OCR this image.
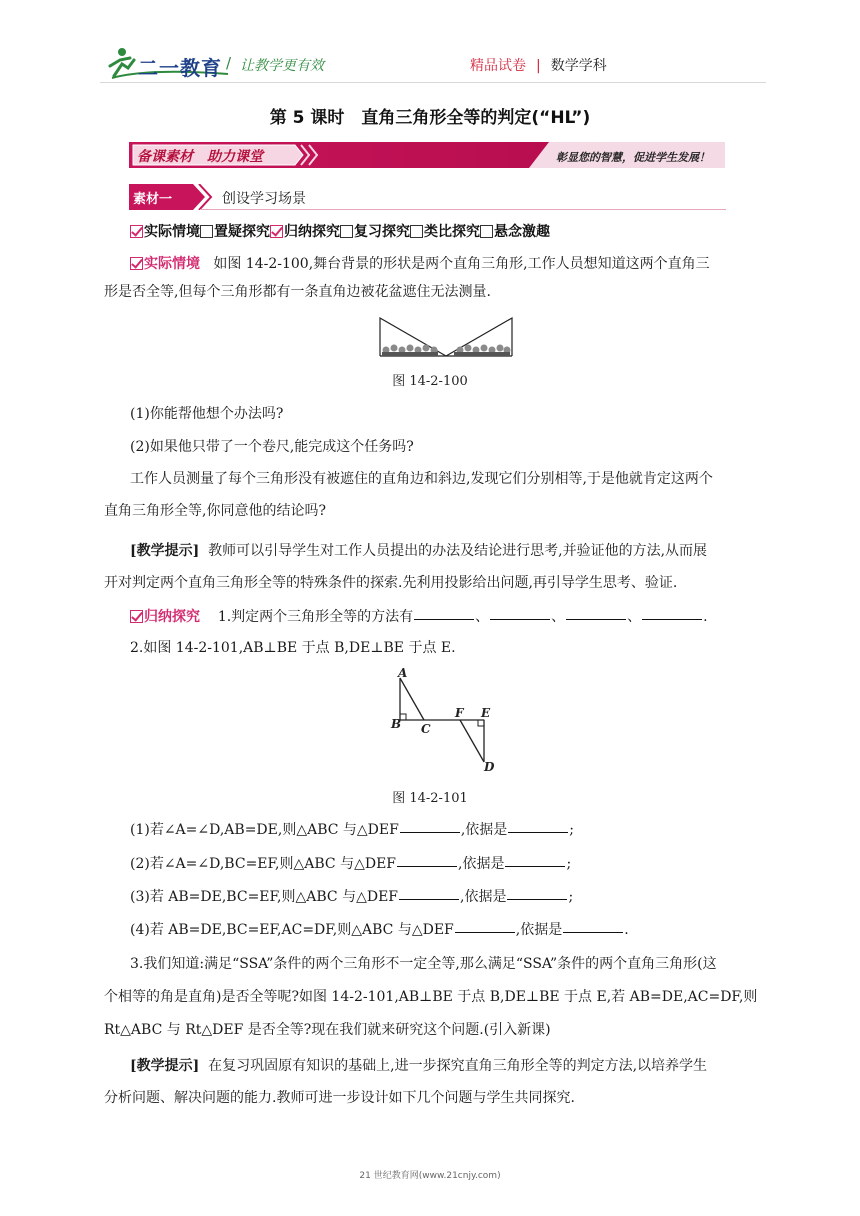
二一教育 / 让教学更有效	精品试卷 | 数学学科
第 5 课时　直角三角形全等的判定(“HL”)
备课素材　助力课堂	彰显您的智慧，促进学生发展！
素材一	创设学习场景
实际情境 置疑探究 归纳探究 复习探究 类比探究 悬念激趣
实际情境 如图 14-2-100,舞台背景的形状是两个直角三角形,工作人员想知道这两个直角三
形是否全等,但每个三角形都有一条直角边被花盆遮住无法测量.
图 14-2-100
(1)你能帮他想个办法吗?
(2)如果他只带了一个卷尺,能完成这个任务吗?
工作人员测量了每个三角形没有被遮住的直角边和斜边,发现它们分别相等,于是他就肯定这两个
直角三角形全等,你同意他的结论吗?
[教学提示] 教师可以引导学生对工作人员提出的办法及结论进行思考,并验证他的方法,从而展
开对判定两个直角三角形全等的特殊条件的探索.先利用投影给出问题,再引导学生思考、验证.
归纳探究 1.判定两个三角形全等的方法有	、	、	、	.
2.如图 14-2-101,AB⊥BE 于点 B,DE⊥BE 于点 E.
A
B C
F E
D
图 14-2-101
(1)若∠A=∠D,AB=DE,则△ABC 与△DEF	,依据是	;
(2)若∠A=∠D,BC=EF,则△ABC 与△DEF	,依据是	;
(3)若 AB=DE,BC=EF,则△ABC 与△DEF	,依据是	;
(4)若 AB=DE,BC=EF,AC=DF,则△ABC 与△DEF	,依据是	.
3.我们知道:满足“SSA”条件的两个三角形不一定全等,那么满足“SSA”条件的两个直角三角形(这
个相等的角是直角)是否全等呢?如图 14-2-101,AB⊥BE 于点 B,DE⊥BE 于点 E,若 AB=DE,AC=DF,则
Rt△ABC 与 Rt△DEF 是否全等?现在我们就来研究这个问题.(引入新课)
[教学提示] 在复习巩固原有知识的基础上,进一步探究直角三角形全等的判定方法,以培养学生
分析问题、解决问题的能力.教师可进一步设计如下几个问题与学生共同探究.
21 世纪教育网(www.21cnjy.com)
